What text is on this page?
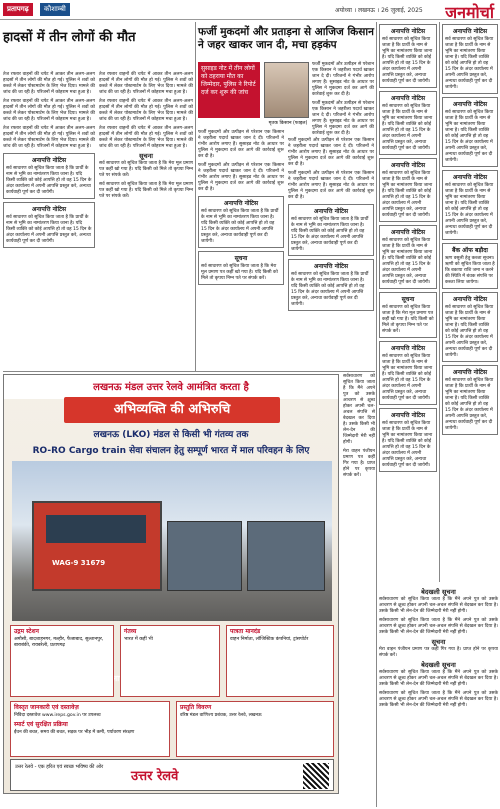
प्रतापगढ़	कौशाम्बी	अयोध्या । लखनऊ । 26 जुलाई, 2025 जनमोर्चा
हादसों में तीन लोगों की मौत

तेज रफ्तार वाहनों की चपेट में आकर तीन अलग-अलग हादसों में तीन लोगों की मौत हो गई। पुलिस ने शवों को कब्जे में लेकर पोस्टमार्टम के लिए भेज दिया। मामले की जांच की जा रही है। परिजनों में कोहराम मचा हुआ है।

तेज रफ्तार वाहनों की चपेट में आकर तीन अलग-अलग हादसों में तीन लोगों की मौत हो गई। पुलिस ने शवों को कब्जे में लेकर पोस्टमार्टम के लिए भेज दिया। मामले की जांच की जा रही है। परिजनों में कोहराम मचा हुआ है।

तेज रफ्तार वाहनों की चपेट में आकर तीन अलग-अलग हादसों में तीन लोगों की मौत हो गई। पुलिस ने शवों को कब्जे में लेकर पोस्टमार्टम के लिए भेज दिया। मामले की जांच की जा रही है। परिजनों में कोहराम मचा हुआ है।

अनापत्ति नोटिस
सर्व साधारण को सूचित किया जाता है कि प्रार्थी के नाम से भूमि का नामांतरण किया जाना है। यदि किसी व्यक्ति को कोई आपत्ति हो तो वह 15 दिन के अंदर कार्यालय में अपनी आपत्ति प्रस्तुत करे, अन्यथा कार्यवाही पूर्ण कर दी जायेगी।
अनापत्ति नोटिस
सर्व साधारण को सूचित किया जाता है कि प्रार्थी के नाम से भूमि का नामांतरण किया जाना है। यदि किसी व्यक्ति को कोई आपत्ति हो तो वह 15 दिन के अंदर कार्यालय में अपनी आपत्ति प्रस्तुत करे, अन्यथा कार्यवाही पूर्ण कर दी जायेगी।

तेज रफ्तार वाहनों की चपेट में आकर तीन अलग-अलग हादसों में तीन लोगों की मौत हो गई। पुलिस ने शवों को कब्जे में लेकर पोस्टमार्टम के लिए भेज दिया। मामले की जांच की जा रही है। परिजनों में कोहराम मचा हुआ है।

तेज रफ्तार वाहनों की चपेट में आकर तीन अलग-अलग हादसों में तीन लोगों की मौत हो गई। पुलिस ने शवों को कब्जे में लेकर पोस्टमार्टम के लिए भेज दिया। मामले की जांच की जा रही है। परिजनों में कोहराम मचा हुआ है।

तेज रफ्तार वाहनों की चपेट में आकर तीन अलग-अलग हादसों में तीन लोगों की मौत हो गई। पुलिस ने शवों को कब्जे में लेकर पोस्टमार्टम के लिए भेज दिया। मामले की जांच की जा रही है। परिजनों में कोहराम मचा हुआ है।

सूचना

सर्व साधारण को सूचित किया जाता है कि मेरा मूल प्रमाण पत्र कहीं खो गया है। यदि किसी को मिले तो कृपया निम्न पते पर संपर्क करें।

सर्व साधारण को सूचित किया जाता है कि मेरा मूल प्रमाण पत्र कहीं खो गया है। यदि किसी को मिले तो कृपया निम्न पते पर संपर्क करें।

फर्जी मुकदमों और प्रताड़ना से आजिज किसान ने जहर खाकर जान दी, मचा हड़कंप
सुसाइड नोट में तीन लोगों को ठहराया मौत का जिम्मेदार, पुलिस ने रिपोर्ट दर्ज कर शुरू की जांच
मृतक किसान (फाइल)

फर्जी मुकदमों और उत्पीड़न से परेशान एक किसान ने जहरीला पदार्थ खाकर जान दे दी। परिजनों ने गंभीर आरोप लगाए हैं। सुसाइड नोट के आधार पर पुलिस ने मुकदमा दर्ज कर आगे की कार्रवाई शुरू कर दी है।

फर्जी मुकदमों और उत्पीड़न से परेशान एक किसान ने जहरीला पदार्थ खाकर जान दे दी। परिजनों ने गंभीर आरोप लगाए हैं। सुसाइड नोट के आधार पर पुलिस ने मुकदमा दर्ज कर आगे की कार्रवाई शुरू कर दी है।

फर्जी मुकदमों और उत्पीड़न से परेशान एक किसान ने जहरीला पदार्थ खाकर जान दे दी। परिजनों ने गंभीर आरोप लगाए हैं। सुसाइड नोट के आधार पर पुलिस ने मुकदमा दर्ज कर आगे की कार्रवाई शुरू कर दी है।

फर्जी मुकदमों और उत्पीड़न से परेशान एक किसान ने जहरीला पदार्थ खाकर जान दे दी। परिजनों ने गंभीर आरोप लगाए हैं। सुसाइड नोट के आधार पर पुलिस ने मुकदमा दर्ज कर आगे की कार्रवाई शुरू कर दी है।

अनापत्ति नोटिस
सर्व साधारण को सूचित किया जाता है कि प्रार्थी के नाम से भूमि का नामांतरण किया जाना है। यदि किसी व्यक्ति को कोई आपत्ति हो तो वह 15 दिन के अंदर कार्यालय में अपनी आपत्ति प्रस्तुत करे, अन्यथा कार्यवाही पूर्ण कर दी जायेगी।
सूचना
सर्व साधारण को सूचित किया जाता है कि मेरा मूल प्रमाण पत्र कहीं खो गया है। यदि किसी को मिले तो कृपया निम्न पते पर संपर्क करें।

फर्जी मुकदमों और उत्पीड़न से परेशान एक किसान ने जहरीला पदार्थ खाकर जान दे दी। परिजनों ने गंभीर आरोप लगाए हैं। सुसाइड नोट के आधार पर पुलिस ने मुकदमा दर्ज कर आगे की कार्रवाई शुरू कर दी है।

फर्जी मुकदमों और उत्पीड़न से परेशान एक किसान ने जहरीला पदार्थ खाकर जान दे दी। परिजनों ने गंभीर आरोप लगाए हैं। सुसाइड नोट के आधार पर पुलिस ने मुकदमा दर्ज कर आगे की कार्रवाई शुरू कर दी है।

अनापत्ति नोटिस
सर्व साधारण को सूचित किया जाता है कि प्रार्थी के नाम से भूमि का नामांतरण किया जाना है। यदि किसी व्यक्ति को कोई आपत्ति हो तो वह 15 दिन के अंदर कार्यालय में अपनी आपत्ति प्रस्तुत करे, अन्यथा कार्यवाही पूर्ण कर दी जायेगी।
अनापत्ति नोटिस
सर्व साधारण को सूचित किया जाता है कि प्रार्थी के नाम से भूमि का नामांतरण किया जाना है। यदि किसी व्यक्ति को कोई आपत्ति हो तो वह 15 दिन के अंदर कार्यालय में अपनी आपत्ति प्रस्तुत करे, अन्यथा कार्यवाही पूर्ण कर दी जायेगी।
अनापत्ति नोटिस
सर्व साधारण को सूचित किया जाता है कि प्रार्थी के नाम से भूमि का नामांतरण किया जाना है। यदि किसी व्यक्ति को कोई आपत्ति हो तो वह 15 दिन के अंदर कार्यालय में अपनी आपत्ति प्रस्तुत करे, अन्यथा कार्यवाही पूर्ण कर दी जायेगी।
अनापत्ति नोटिस
सर्व साधारण को सूचित किया जाता है कि प्रार्थी के नाम से भूमि का नामांतरण किया जाना है। यदि किसी व्यक्ति को कोई आपत्ति हो तो वह 15 दिन के अंदर कार्यालय में अपनी आपत्ति प्रस्तुत करे, अन्यथा कार्यवाही पूर्ण कर दी जायेगी।
अनापत्ति नोटिस
सर्व साधारण को सूचित किया जाता है कि प्रार्थी के नाम से भूमि का नामांतरण किया जाना है। यदि किसी व्यक्ति को कोई आपत्ति हो तो वह 15 दिन के अंदर कार्यालय में अपनी आपत्ति प्रस्तुत करे, अन्यथा कार्यवाही पूर्ण कर दी जायेगी।
अनापत्ति नोटिस
सर्व साधारण को सूचित किया जाता है कि प्रार्थी के नाम से भूमि का नामांतरण किया जाना है। यदि किसी व्यक्ति को कोई आपत्ति हो तो वह 15 दिन के अंदर कार्यालय में अपनी आपत्ति प्रस्तुत करे, अन्यथा कार्यवाही पूर्ण कर दी जायेगी।
सूचना
सर्व साधारण को सूचित किया जाता है कि मेरा मूल प्रमाण पत्र कहीं खो गया है। यदि किसी को मिले तो कृपया निम्न पते पर संपर्क करें।
अनापत्ति नोटिस
सर्व साधारण को सूचित किया जाता है कि प्रार्थी के नाम से भूमि का नामांतरण किया जाना है। यदि किसी व्यक्ति को कोई आपत्ति हो तो वह 15 दिन के अंदर कार्यालय में अपनी आपत्ति प्रस्तुत करे, अन्यथा कार्यवाही पूर्ण कर दी जायेगी।
अनापत्ति नोटिस
सर्व साधारण को सूचित किया जाता है कि प्रार्थी के नाम से भूमि का नामांतरण किया जाना है। यदि किसी व्यक्ति को कोई आपत्ति हो तो वह 15 दिन के अंदर कार्यालय में अपनी आपत्ति प्रस्तुत करे, अन्यथा कार्यवाही पूर्ण कर दी जायेगी।
अनापत्ति नोटिस
सर्व साधारण को सूचित किया जाता है कि प्रार्थी के नाम से भूमि का नामांतरण किया जाना है। यदि किसी व्यक्ति को कोई आपत्ति हो तो वह 15 दिन के अंदर कार्यालय में अपनी आपत्ति प्रस्तुत करे, अन्यथा कार्यवाही पूर्ण कर दी जायेगी।
अनापत्ति नोटिस
सर्व साधारण को सूचित किया जाता है कि प्रार्थी के नाम से भूमि का नामांतरण किया जाना है। यदि किसी व्यक्ति को कोई आपत्ति हो तो वह 15 दिन के अंदर कार्यालय में अपनी आपत्ति प्रस्तुत करे, अन्यथा कार्यवाही पूर्ण कर दी जायेगी।
अनापत्ति नोटिस
सर्व साधारण को सूचित किया जाता है कि प्रार्थी के नाम से भूमि का नामांतरण किया जाना है। यदि किसी व्यक्ति को कोई आपत्ति हो तो वह 15 दिन के अंदर कार्यालय में अपनी आपत्ति प्रस्तुत करे, अन्यथा कार्यवाही पूर्ण कर दी जायेगी।
बैंक ऑफ बड़ौदा
ऋण वसूली हेतु कब्जा सूचना। ऋणी को सूचित किया जाता है कि बकाया राशि जमा न करने की स्थिति में बंधक संपत्ति पर कब्जा लिया जायेगा।
अनापत्ति नोटिस
सर्व साधारण को सूचित किया जाता है कि प्रार्थी के नाम से भूमि का नामांतरण किया जाना है। यदि किसी व्यक्ति को कोई आपत्ति हो तो वह 15 दिन के अंदर कार्यालय में अपनी आपत्ति प्रस्तुत करे, अन्यथा कार्यवाही पूर्ण कर दी जायेगी।
अनापत्ति नोटिस
सर्व साधारण को सूचित किया जाता है कि प्रार्थी के नाम से भूमि का नामांतरण किया जाना है। यदि किसी व्यक्ति को कोई आपत्ति हो तो वह 15 दिन के अंदर कार्यालय में अपनी आपत्ति प्रस्तुत करे, अन्यथा कार्यवाही पूर्ण कर दी जायेगी।

सर्वसाधारण को सूचित किया जाता है कि मैंने अपने पुत्र को उसके आचरण से क्षुब्ध होकर अपनी चल-अचल संपत्ति से बेदखल कर दिया है। उसके किसी भी लेन-देन की जिम्मेदारी मेरी नहीं होगी।

मेरा वाहन पंजीयन प्रमाण पत्र कहीं गिर गया है। प्राप्त होने पर कृपया संपर्क करें।

बेदखली सूचना

सर्वसाधारण को सूचित किया जाता है कि मैंने अपने पुत्र को उसके आचरण से क्षुब्ध होकर अपनी चल-अचल संपत्ति से बेदखल कर दिया है। उसके किसी भी लेन-देन की जिम्मेदारी मेरी नहीं होगी।

सर्वसाधारण को सूचित किया जाता है कि मैंने अपने पुत्र को उसके आचरण से क्षुब्ध होकर अपनी चल-अचल संपत्ति से बेदखल कर दिया है। उसके किसी भी लेन-देन की जिम्मेदारी मेरी नहीं होगी।

सूचना

मेरा वाहन पंजीयन प्रमाण पत्र कहीं गिर गया है। प्राप्त होने पर कृपया संपर्क करें।

बेदखली सूचना

सर्वसाधारण को सूचित किया जाता है कि मैंने अपने पुत्र को उसके आचरण से क्षुब्ध होकर अपनी चल-अचल संपत्ति से बेदखल कर दिया है। उसके किसी भी लेन-देन की जिम्मेदारी मेरी नहीं होगी।

सर्वसाधारण को सूचित किया जाता है कि मैंने अपने पुत्र को उसके आचरण से क्षुब्ध होकर अपनी चल-अचल संपत्ति से बेदखल कर दिया है। उसके किसी भी लेन-देन की जिम्मेदारी मेरी नहीं होगी।

लखनऊ मंडल उत्तर रेलवे आमंत्रित करता है
अभिव्यक्ति की अभिरुचि
लखनऊ (LKO) मंडल से किसी भी गंतव्य तक
RO-RO Cargo train सेवा संचालन हेतु सम्पूर्ण भारत में माल परिवहन के लिए
WAG-9 31679
लाभ
उद्गम स्टेशन
अमौसी, बादशाहनगर, मल्हौर, फैजाबाद, सुल्तानपुर, बाराबंकी, रायबरेली, प्रतापगढ़
गंतव्य
भारत में कहीं भी
पात्रता मानदंड
वाहन निर्माता, लॉजिस्टिक कंपनियां, ट्रांसपोर्टर
विस्तृत जानकारी एवं दस्तावेज़
निविदा दस्तावेज www.ireps.gov.in पर उपलब्ध
स्मार्ट एवं सुरक्षित प्रक्रिया
ईंधन की बचत, समय की बचत, सड़क पर भीड़ में कमी, पर्यावरण संरक्षण
प्रस्तुति विवरण
वरिष्ठ मंडल वाणिज्य प्रबंधक, उत्तर रेलवे, लखनऊ
उत्तर रेलवे - एक हरित एवं स्वच्छ भविष्य की ओर
उत्तर रेलवे
